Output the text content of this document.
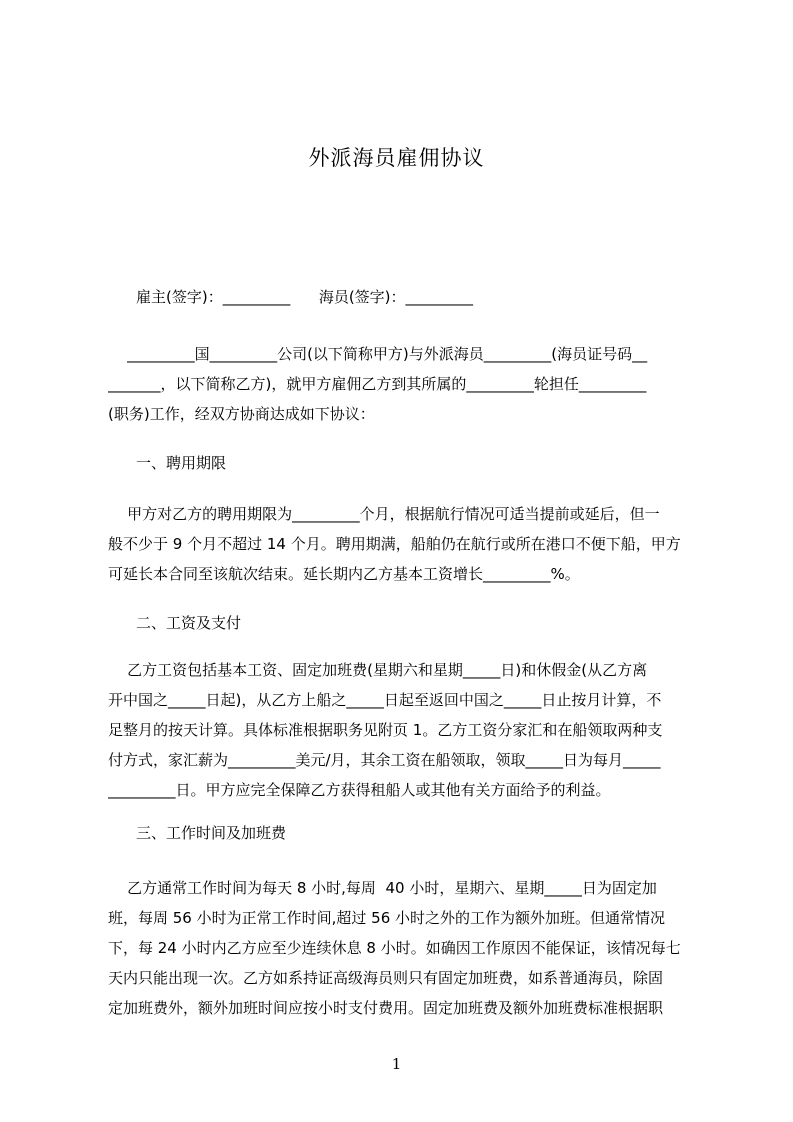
外派海员雇佣协议
雇主(签字)：_________      海员(签字)：_________
_________国_________公司(以下简称甲方)与外派海员_________(海员证号码__
_______，以下简称乙方)，就甲方雇佣乙方到其所属的_________轮担任_________
(职务)工作，经双方协商达成如下协议：
一、聘用期限
甲方对乙方的聘用期限为_________个月，根据航行情况可适当提前或延后，但一
般不少于 9 个月不超过 14 个月。聘用期满，船舶仍在航行或所在港口不便下船，甲方
可延长本合同至该航次结束。延长期内乙方基本工资增长_________%。
二、工资及支付
乙方工资包括基本工资、固定加班费(星期六和星期_____日)和休假金(从乙方离
开中国之_____日起)，从乙方上船之_____日起至返回中国之_____日止按月计算，不
足整月的按天计算。具体标准根据职务见附页 1。乙方工资分家汇和在船领取两种支
付方式，家汇薪为_________美元/月，其余工资在船领取，领取_____日为每月_____
_________日。甲方应完全保障乙方获得租船人或其他有关方面给予的利益。
三、工作时间及加班费
乙方通常工作时间为每天 8 小时,每周  40 小时，星期六、星期_____日为固定加
班，每周 56 小时为正常工作时间,超过 56 小时之外的工作为额外加班。但通常情况
下，每 24 小时内乙方应至少连续休息 8 小时。如确因工作原因不能保证，该情况每七
天内只能出现一次。乙方如系持证高级海员则只有固定加班费，如系普通海员，除固
定加班费外，额外加班时间应按小时支付费用。固定加班费及额外加班费标准根据职
1
